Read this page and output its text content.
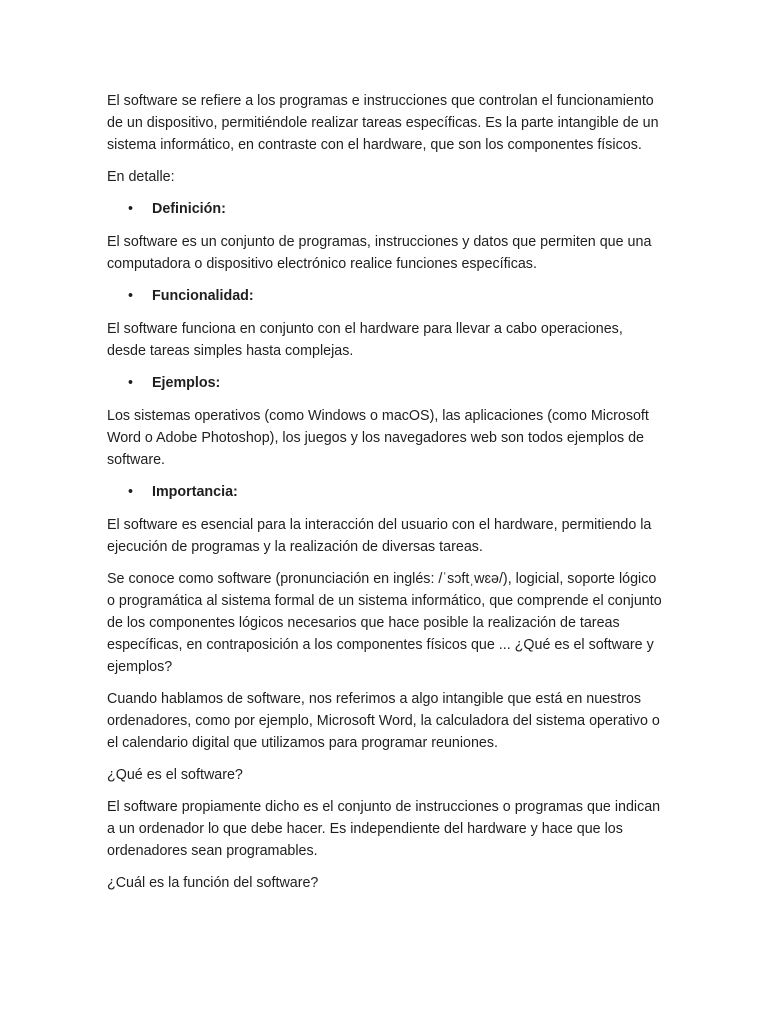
El software se refiere a los programas e instrucciones que controlan el funcionamiento de un dispositivo, permitiéndole realizar tareas específicas. Es la parte intangible de un sistema informático, en contraste con el hardware, que son los componentes físicos.

En detalle:

• Definición:

El software es un conjunto de programas, instrucciones y datos que permiten que una computadora o dispositivo electrónico realice funciones específicas.

• Funcionalidad:

El software funciona en conjunto con el hardware para llevar a cabo operaciones, desde tareas simples hasta complejas.

• Ejemplos:

Los sistemas operativos (como Windows o macOS), las aplicaciones (como Microsoft Word o Adobe Photoshop), los juegos y los navegadores web son todos ejemplos de software.

• Importancia:

El software es esencial para la interacción del usuario con el hardware, permitiendo la ejecución de programas y la realización de diversas tareas.

Se conoce como software (pronunciación en inglés: /ˈsɔftˌwɛə/), logicial, soporte lógico o programática al sistema formal de un sistema informático, que comprende el conjunto de los componentes lógicos necesarios que hace posible la realización de tareas específicas, en contraposición a los componentes físicos que ... ¿Qué es el software y ejemplos?

Cuando hablamos de software, nos referimos a algo intangible que está en nuestros ordenadores, como por ejemplo, Microsoft Word, la calculadora del sistema operativo o el calendario digital que utilizamos para programar reuniones.

¿Qué es el software?

El software propiamente dicho es el conjunto de instrucciones o programas que indican a un ordenador lo que debe hacer. Es independiente del hardware y hace que los ordenadores sean programables.

¿Cuál es la función del software?
